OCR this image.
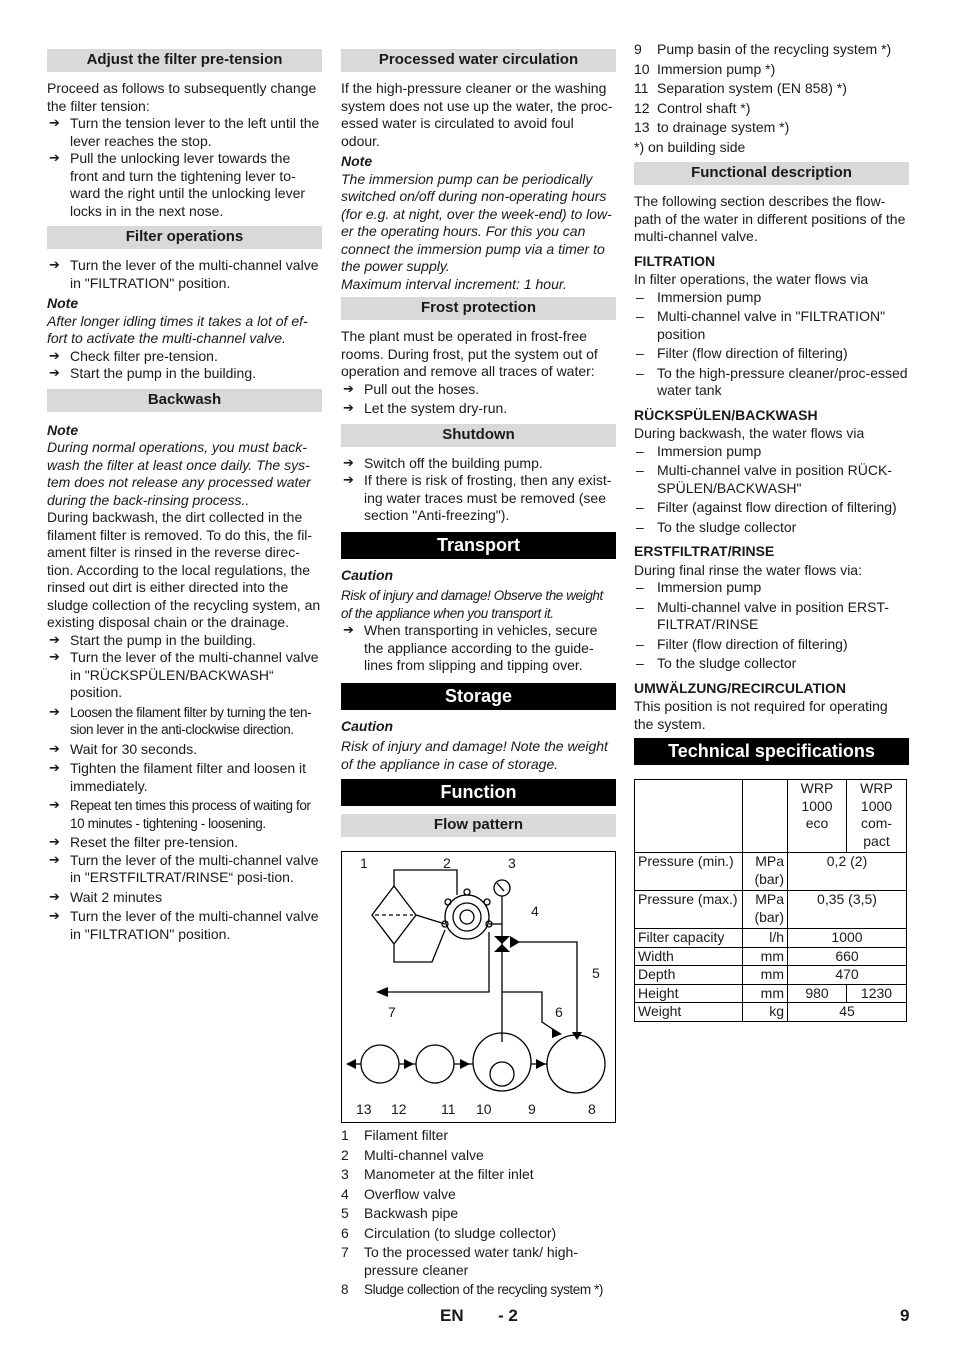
Adjust the filter pre-tension

Proceed as follows to subsequently change the filter tension:

➔ Turn the tension lever to the left until the lever reaches the stop.

➔ Pull the unlocking lever towards the front and turn the tightening lever to-ward the right until the unlocking lever locks in in the next nose.

Filter operations

➔ Turn the lever of the multi-channel valve in "FILTRATION" position.

Note

After longer idling times it takes a lot of ef-fort to activate the multi-channel valve.

➔ Check filter pre-tension.

➔ Start the pump in the building.

Backwash

Note

During normal operations, you must back-wash the filter at least once daily. The sys-tem does not release any processed water during the back-rinsing process..

During backwash, the dirt collected in the filament filter is removed. To do this, the fil-ament filter is rinsed in the reverse direc-tion. According to the local regulations, the rinsed out dirt is either directed into the sludge collection of the recycling system, an existing disposal chain or the drainage.

➔ Start the pump in the building.

➔ Turn the lever of the multi-channel valve in "RÜCKSPÜLEN/BACKWASH“ position.

➔ Loosen the filament filter by turning the ten-sion lever in the anti-clockwise direction.

➔ Wait for 30 seconds.

➔ Tighten the filament filter and loosen it immediately.

➔ Repeat ten times this process of waiting for 10 minutes - tightening - loosening.

➔ Reset the filter pre-tension.

➔ Turn the lever of the multi-channel valve in "ERSTFILTRAT/RINSE“ posi-tion.

➔ Wait 2 minutes

➔ Turn the lever of the multi-channel valve in "FILTRATION" position.

Processed water circulation

If the high-pressure cleaner or the washing system does not use up the water, the proc-essed water is circulated to avoid foul odour.

Note

The immersion pump can be periodically switched on/off during non-operating hours (for e.g. at night, over the week-end) to low-er the operating hours. For this you can connect the immersion pump via a timer to the power supply.

Maximum interval increment: 1 hour.

Frost protection

The plant must be operated in frost-free rooms. During frost, put the system out of operation and remove all traces of water:

➔ Pull out the hoses.

➔ Let the system dry-run.

Shutdown

➔ Switch off the building pump.

➔ If there is risk of frosting, then any exist-ing water traces must be removed (see section "Anti-freezing").

Transport

Caution

Risk of injury and damage! Observe the weight of the appliance when you transport it.

➔ When transporting in vehicles, secure the appliance according to the guide-lines from slipping and tipping over.

Storage

Caution

Risk of injury and damage! Note the weight of the appliance in case of storage.

Function
Flow pattern
1	2	3
4
5
6
7
8
9
10
11
12
13

1 Filament filter

2 Multi-channel valve

3 Manometer at the filter inlet

4 Overflow valve

5 Backwash pipe

6 Circulation (to sludge collector)

7 To the processed water tank/ high-pressure cleaner

8 Sludge collection of the recycling system *)

9 Pump basin of the recycling system *)

10 Immersion pump *)

11 Separation system (EN 858) *)

12 Control shaft *)

13 to drainage system *)

*) on building side

Functional description

The following section describes the flow-path of the water in different positions of the multi-channel valve.

FILTRATION

In filter operations, the water flows via

– Immersion pump

– Multi-channel valve in "FILTRATION" position

– Filter (flow direction of filtering)

– To the high-pressure cleaner/proc-essed water tank

RÜCKSPÜLEN/BACKWASH

During backwash, the water flows via

– Immersion pump

– Multi-channel valve in position RÜCK-SPÜLEN/BACKWASH"

– Filter (against flow direction of filtering)

– To the sludge collector

ERSTFILTRAT/RINSE

During final rinse the water flows via:

– Immersion pump

– Multi-channel valve in position ERST-FILTRAT/RINSE

– Filter (flow direction of filtering)

– To the sludge collector

UMWÄLZUNG/RECIRCULATION

This position is not required for operating the system.

Technical specifications
		WRP 1000 eco	WRP 1000 com-pact
Pressure (min.)	MPa (bar)	0,2 (2)	
Pressure (max.)	MPa (bar)	0,35 (3,5)	
Filter capacity	l/h	1000	
Width	mm	660	
Depth	mm	470	
Height	mm	980	1230
Weight	kg	45	
EN - 2	9
